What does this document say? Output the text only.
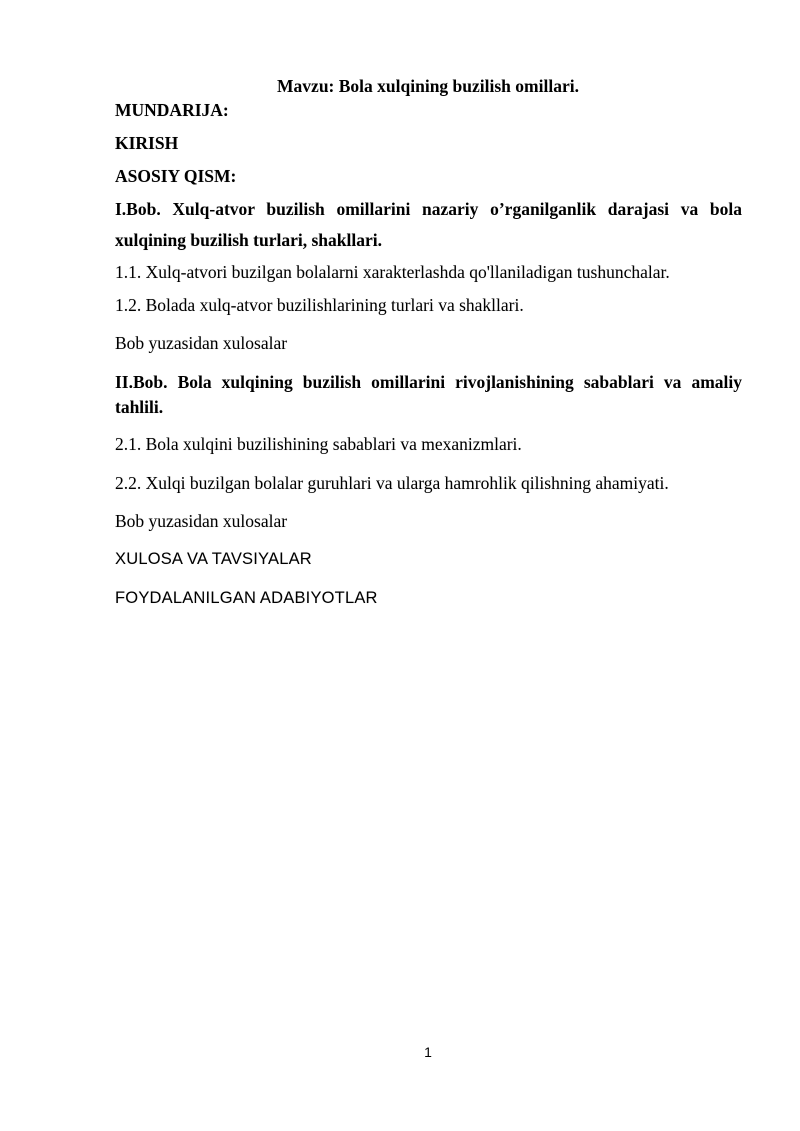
Mavzu: Bola xulqining buzilish omillari.
MUNDARIJA:
KIRISH
ASOSIY QISM:
I.Bob. Xulq-atvor buzilish omillarini nazariy o’rganilganlik darajasi va bola
xulqining buzilish turlari, shakllari.
1.1. Xulq-atvori buzilgan bolalarni xarakterlashda qo'llaniladigan tushunchalar.
1.2. Bolada xulq-atvor buzilishlarining turlari va shakllari.
Bob yuzasidan xulosalar
II.Bob. Bola xulqining buzilish omillarini rivojlanishining sabablari va amaliy
tahlili.
2.1. Bola xulqini buzilishining sabablari va mexanizmlari.
2.2. Xulqi buzilgan bolalar guruhlari va ularga hamrohlik qilishning ahamiyati.
Bob yuzasidan xulosalar
XULOSA VA TAVSIYALAR
FOYDALANILGAN ADABIYOTLAR
1
